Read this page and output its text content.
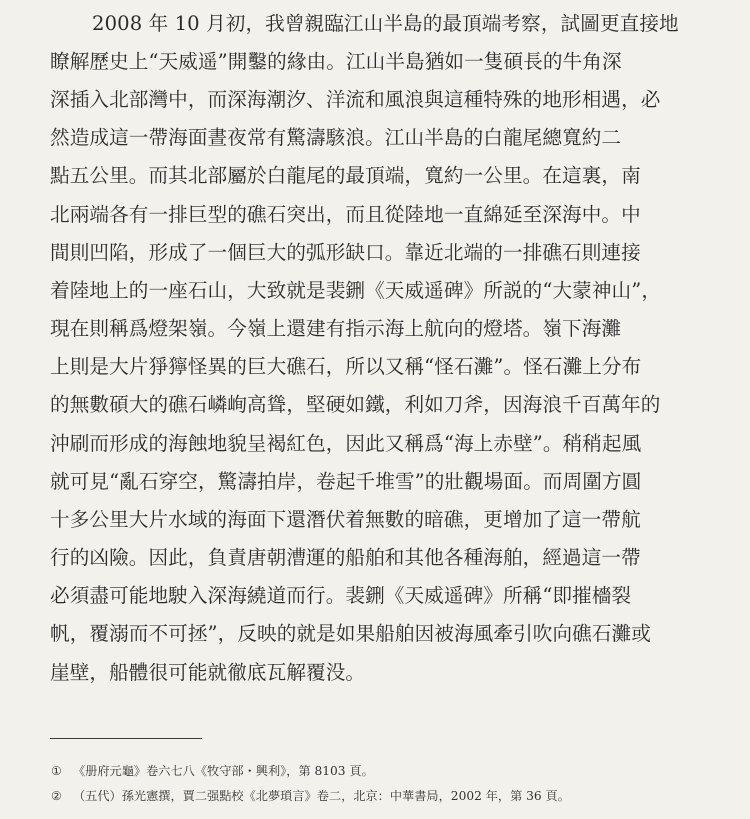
2008 年 10 月初，我曾親臨江山半島的最頂端考察，試圖更直接地
瞭解歷史上“天威遥”開鑿的緣由。江山半島猶如一隻碩長的牛角深
深插入北部灣中，而深海潮汐、洋流和風浪與這種特殊的地形相遇，必
然造成這一帶海面晝夜常有驚濤駭浪。江山半島的白龍尾總寬約二
點五公里。而其北部屬於白龍尾的最頂端，寬約一公里。在這裏，南
北兩端各有一排巨型的礁石突出，而且從陸地一直綿延至深海中。中
間則凹陷，形成了一個巨大的弧形缺口。靠近北端的一排礁石則連接
着陸地上的一座石山，大致就是裴鉶《天威遥碑》所説的“大蒙神山”，
現在則稱爲燈架嶺。今嶺上還建有指示海上航向的燈塔。嶺下海灘
上則是大片猙獰怪異的巨大礁石，所以又稱“怪石灘”。怪石灘上分布
的無數碩大的礁石嶙峋高聳，堅硬如鐵，利如刀斧，因海浪千百萬年的
沖刷而形成的海蝕地貌呈褐紅色，因此又稱爲“海上赤壁”。稍稍起風
就可見“亂石穿空，驚濤拍岸，卷起千堆雪”的壯觀場面。而周圍方圓
十多公里大片水域的海面下還潛伏着無數的暗礁，更增加了這一帶航
行的凶險。因此，負責唐朝漕運的船舶和其他各種海舶，經過這一帶
必須盡可能地駛入深海繞道而行。裴鉶《天威遥碑》所稱“即摧檣裂
帆，覆溺而不可拯”，反映的就是如果船舶因被海風牽引吹向礁石灘或
崖壁，船體很可能就徹底瓦解覆没。
① 《册府元龜》卷六七八《牧守部・興利》，第 8103 頁。
② （五代）孫光憲撰，賈二强點校《北夢瑣言》卷二，北京：中華書局，2002 年，第 36 頁。
